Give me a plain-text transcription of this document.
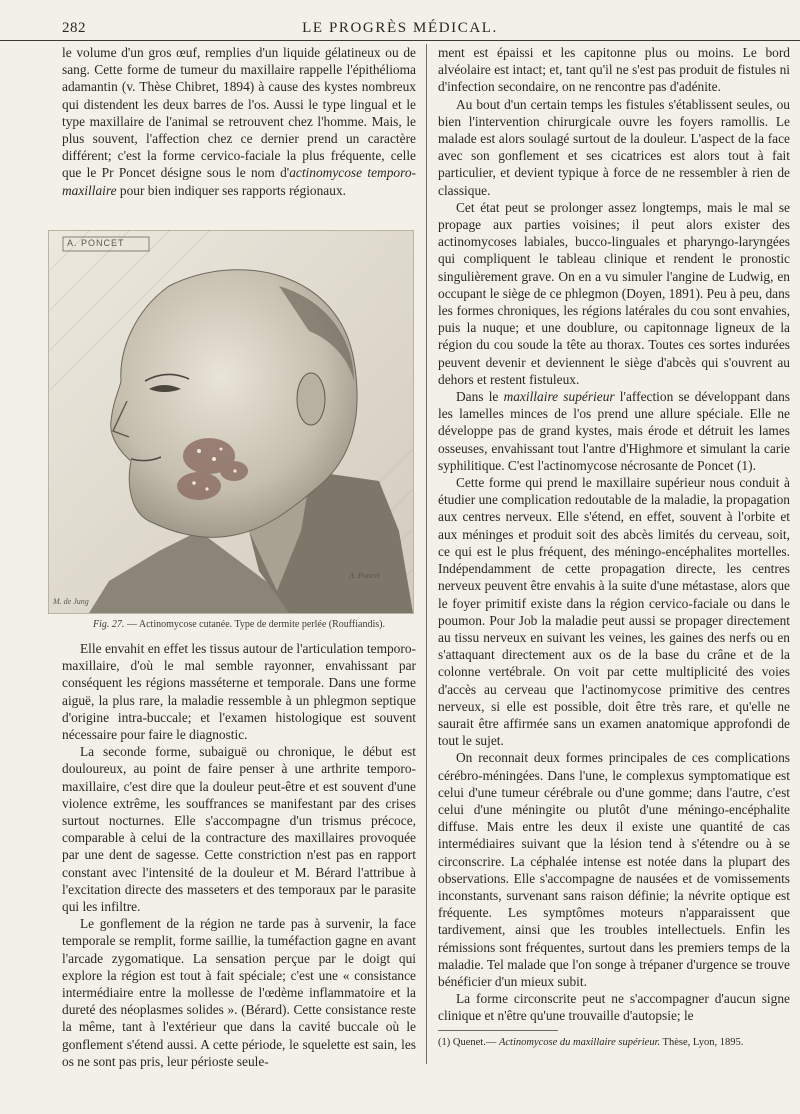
282	LE PROGRÈS MÉDICAL.

le volume d'un gros œuf, remplies d'un liquide gélatineux ou de sang. Cette forme de tumeur du maxillaire rappelle l'épithélioma adamantin (v. Thèse Chibret, 1894) à cause des kystes nombreux qui distendent les deux barres de l'os. Aussi le type lingual et le type maxillaire de l'animal se retrouvent chez l'homme. Mais, le plus souvent, l'affection chez ce dernier prend un caractère différent; c'est la forme cervico-faciale la plus fréquente, celle que le Pr Poncet désigne sous le nom d'actinomycose temporo-maxillaire pour bien indiquer ses rapports régionaux.

A. PONCET
M. de Jung
A. Poncet
Fig. 27. — Actinomycose cutanée. Type de dermite perlée (Rouffiandis).

Elle envahit en effet les tissus autour de l'articulation temporo-maxillaire, d'où le mal semble rayonner, envahissant par conséquent les régions masséterne et temporale. Dans une forme aiguë, la plus rare, la maladie ressemble à un phlegmon septique d'origine intra-buccale; et l'examen histologique est souvent nécessaire pour faire le diagnostic.

La seconde forme, subaiguë ou chronique, le début est douloureux, au point de faire penser à une arthrite temporo-maxillaire, c'est dire que la douleur peut-être et est souvent d'une violence extrême, les souffrances se manifestant par des crises surtout nocturnes. Elle s'accompagne d'un trismus précoce, comparable à celui de la contracture des maxillaires provoquée par une dent de sagesse. Cette constriction n'est pas en rapport constant avec l'intensité de la douleur et M. Bérard l'attribue à l'excitation directe des masseters et des temporaux par le parasite qui les infiltre.

Le gonflement de la région ne tarde pas à survenir, la face temporale se remplit, forme saillie, la tuméfaction gagne en avant l'arcade zygomatique. La sensation perçue par le doigt qui explore la région est tout à fait spéciale; c'est une « consistance intermédiaire entre la mollesse de l'œdème inflammatoire et la dureté des néoplasmes solides ». (Bérard). Cette consistance reste la même, tant à l'extérieur que dans la cavité buccale où le gonflement s'étend aussi. A cette période, le squelette est sain, les os ne sont pas pris, leur périoste seule-

ment est épaissi et les capitonne plus ou moins. Le bord alvéolaire est intact; et, tant qu'il ne s'est pas produit de fistules ni d'infection secondaire, on ne rencontre pas d'adénite.

Au bout d'un certain temps les fistules s'établissent seules, ou bien l'intervention chirurgicale ouvre les foyers ramollis. Le malade est alors soulagé surtout de la douleur. L'aspect de la face avec son gonflement et ses cicatrices est alors tout à fait particulier, et devient typique à force de ne ressembler à rien de classique.

Cet état peut se prolonger assez longtemps, mais le mal se propage aux parties voisines; il peut alors exister des actinomycoses labiales, bucco-linguales et pharyngo-laryngées qui compliquent le tableau clinique et rendent le pronostic singulièrement grave. On en a vu simuler l'angine de Ludwig, en occupant le siège de ce phlegmon (Doyen, 1891). Peu à peu, dans les formes chroniques, les régions latérales du cou sont envahies, puis la nuque; et une doublure, ou capitonnage ligneux de la région du cou soude la tête au thorax. Toutes ces sortes indurées peuvent devenir et deviennent le siège d'abcès qui s'ouvrent au dehors et restent fistuleux.

Dans le maxillaire supérieur l'affection se développant dans les lamelles minces de l'os prend une allure spéciale. Elle ne développe pas de grand kystes, mais érode et détruit les lames osseuses, envahissant tout l'antre d'Highmore et simulant la carie syphilitique. C'est l'actinomycose nécrosante de Poncet (1).

Cette forme qui prend le maxillaire supérieur nous conduit à étudier une complication redoutable de la maladie, la propagation aux centres nerveux. Elle s'étend, en effet, souvent à l'orbite et aux méninges et produit soit des abcès limités du cerveau, soit, ce qui est le plus fréquent, des méningo-encéphalites mortelles. Indépendamment de cette propagation directe, les centres nerveux peuvent être envahis à la suite d'une métastase, alors que le foyer primitif existe dans la région cervico-faciale ou dans le poumon. Pour Job la maladie peut aussi se propager directement au tissu nerveux en suivant les veines, les gaines des nerfs ou en s'attaquant directement aux os de la base du crâne et de la colonne vertébrale. On voit par cette multiplicité des voies d'accès au cerveau que l'actinomycose primitive des centres nerveux, si elle est possible, doit être très rare, et qu'elle ne saurait être affirmée sans un examen anatomique approfondi de tout le sujet.

On reconnait deux formes principales de ces complications cérébro-méningées. Dans l'une, le complexus symptomatique est celui d'une tumeur cérébrale ou d'une gomme; dans l'autre, c'est celui d'une méningite ou plutôt d'une méningo-encéphalite diffuse. Mais entre les deux il existe une quantité de cas intermédiaires suivant que la lésion tend à s'étendre ou à se circonscrire. La céphalée intense est notée dans la plupart des observations. Elle s'accompagne de nausées et de vomissements inconstants, survenant sans raison définie; la névrite optique est fréquente. Les symptômes moteurs n'apparaissent que tardivement, ainsi que les troubles intellectuels. Enfin les rémissions sont fréquentes, surtout dans les premiers temps de la maladie. Tel malade que l'on songe à trépaner d'urgence se trouve bénéficier d'un mieux subit.

La forme circonscrite peut ne s'accompagner d'aucun signe clinique et n'être qu'une trouvaille d'autopsie; le

(1) Quenet.— Actinomycose du maxillaire supérieur. Thèse, Lyon, 1895.
